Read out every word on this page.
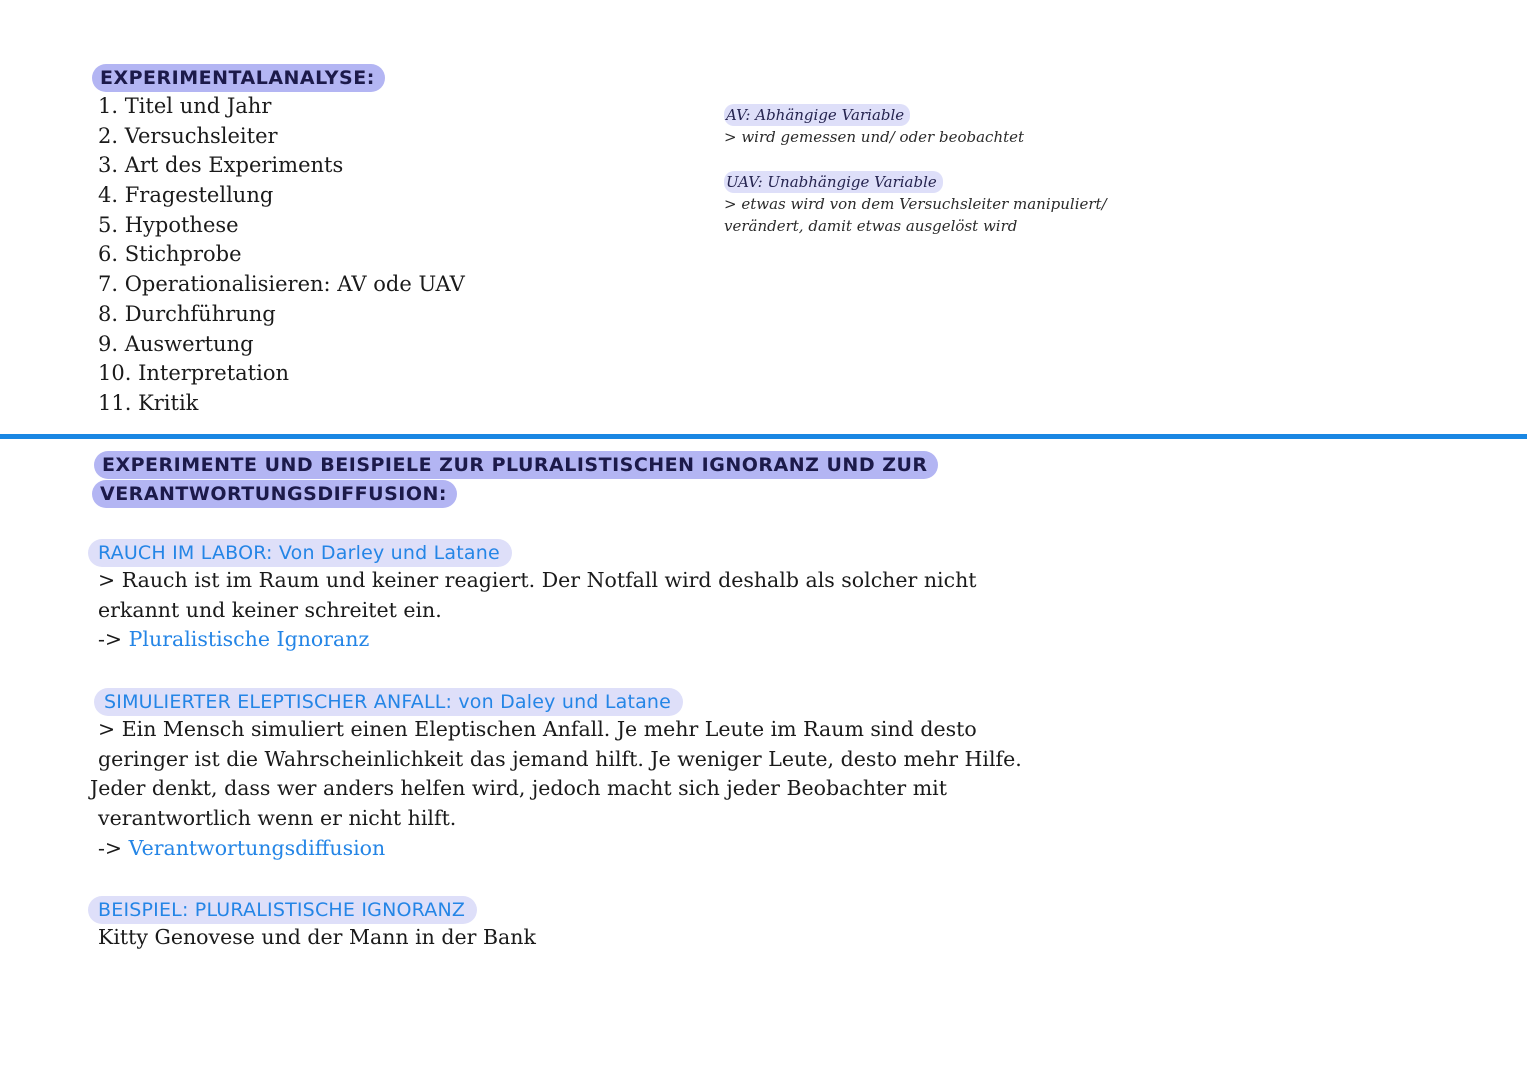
EXPERIMENTALANALYSE:
1. Titel und Jahr
2. Versuchsleiter
3. Art des Experiments
4. Fragestellung
5. Hypothese
6. Stichprobe
7. Operationalisieren: AV ode UAV
8. Durchführung
9. Auswertung
10. Interpretation
11. Kritik
AV: Abhängige Variable
> wird gemessen und/ oder beobachtet
UAV: Unabhängige Variable
> etwas wird von dem Versuchsleiter manipuliert/
verändert, damit etwas ausgelöst wird
EXPERIMENTE UND BEISPIELE ZUR PLURALISTISCHEN IGNORANZ UND ZUR
VERANTWORTUNGSDIFFUSION:
RAUCH IM LABOR: Von Darley und Latane
> Rauch ist im Raum und keiner reagiert. Der Notfall wird deshalb als solcher nicht
erkannt und keiner schreitet ein.
-> Pluralistische Ignoranz
SIMULIERTER ELEPTISCHER ANFALL: von Daley und Latane
> Ein Mensch simuliert einen Eleptischen Anfall. Je mehr Leute im Raum sind desto
geringer ist die Wahrscheinlichkeit das jemand hilft. Je weniger Leute, desto mehr Hilfe.
Jeder denkt, dass wer anders helfen wird, jedoch macht sich jeder Beobachter mit
verantwortlich wenn er nicht hilft.
-> Verantwortungsdiffusion
BEISPIEL: PLURALISTISCHE IGNORANZ
Kitty Genovese und der Mann in der Bank
